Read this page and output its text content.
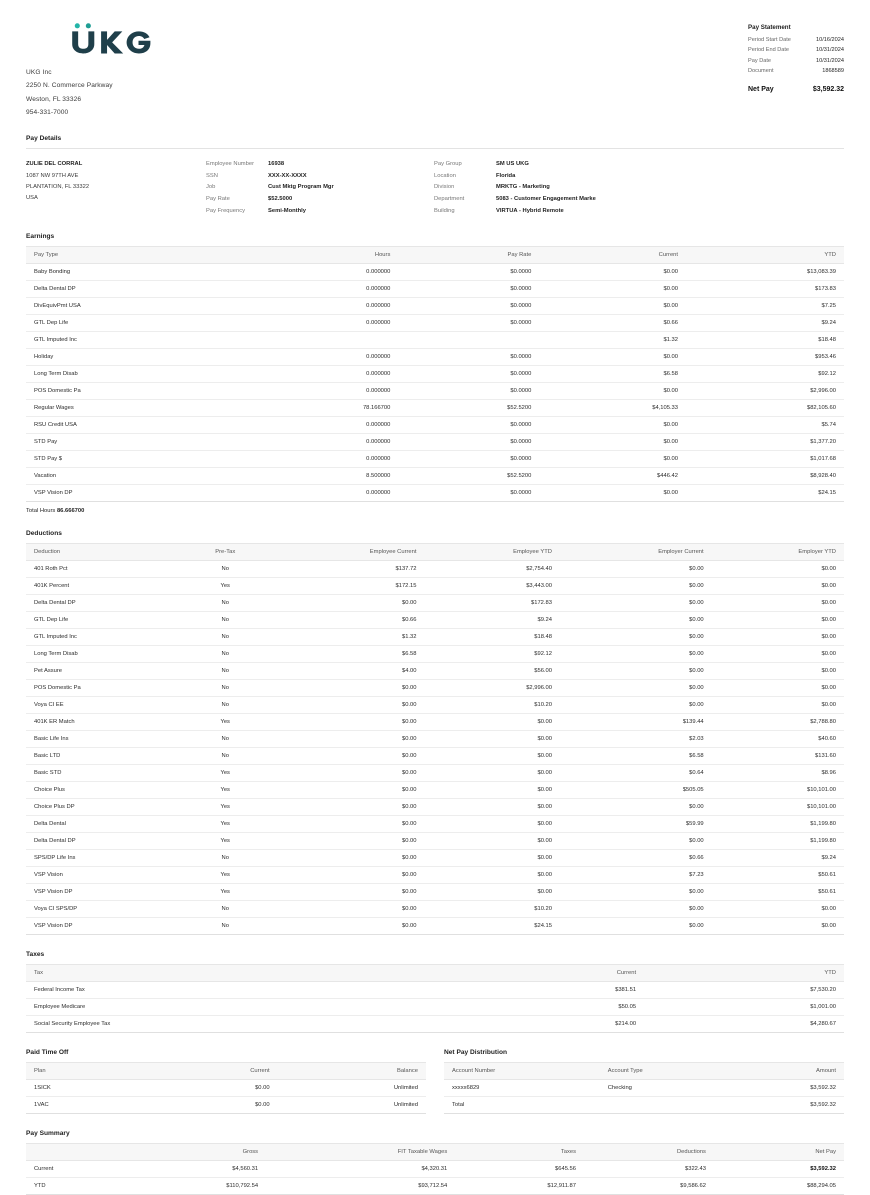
UKG Inc
2250 N. Commerce Parkway
Weston, FL 33326
954-331-7000
Pay Statement
Period Start Date	10/16/2024
Period End Date	10/31/2024
Pay Date	10/31/2024
Document	1868589
Net Pay	$3,592.32
Pay Details
ZULIE DEL CORRAL
1087 NW 97TH AVE
PLANTATION, FL 33322
USA
Employee Number	16938
SSN	XXX-XX-XXXX
Job	Cust Mktg Program Mgr
Pay Rate	$52.5000
Pay Frequency	Semi-Monthly
Pay Group	SM US UKG
Location	Florida
Division	MRKTG - Marketing
Department	5083 - Customer Engagement Marke
Building	VIRTUA - Hybrid Remote
Earnings
Pay Type	Hours	Pay Rate	Current	YTD
Baby Bonding	0.000000	$0.0000	$0.00	$13,083.39
Delta Dental DP	0.000000	$0.0000	$0.00	$173.83
DivEquivPmt USA	0.000000	$0.0000	$0.00	$7.25
GTL Dep Life	0.000000	$0.0000	$0.66	$9.24
GTL Imputed Inc			$1.32	$18.48
Holiday	0.000000	$0.0000	$0.00	$953.46
Long Term Disab	0.000000	$0.0000	$6.58	$92.12
POS Domestic Pa	0.000000	$0.0000	$0.00	$2,996.00
Regular Wages	78.166700	$52.5200	$4,105.33	$82,105.60
RSU Credit USA	0.000000	$0.0000	$0.00	$5.74
STD Pay	0.000000	$0.0000	$0.00	$1,377.20
STD Pay $	0.000000	$0.0000	$0.00	$1,017.68
Vacation	8.500000	$52.5200	$446.42	$8,928.40
VSP Vision DP	0.000000	$0.0000	$0.00	$24.15
Total Hours 86.666700
Deductions
Deduction	Pre-Tax	Employee Current	Employee YTD	Employer Current	Employer YTD
401 Roth Pct	No	$137.72	$2,754.40	$0.00	$0.00
401K Percent	Yes	$172.15	$3,443.00	$0.00	$0.00
Delta Dental DP	No	$0.00	$172.83	$0.00	$0.00
GTL Dep Life	No	$0.66	$9.24	$0.00	$0.00
GTL Imputed Inc	No	$1.32	$18.48	$0.00	$0.00
Long Term Disab	No	$6.58	$92.12	$0.00	$0.00
Pet Assure	No	$4.00	$56.00	$0.00	$0.00
POS Domestic Pa	No	$0.00	$2,996.00	$0.00	$0.00
Voya CI EE	No	$0.00	$10.20	$0.00	$0.00
401K ER Match	Yes	$0.00	$0.00	$139.44	$2,788.80
Basic Life Ins	No	$0.00	$0.00	$2.03	$40.60
Basic LTD	No	$0.00	$0.00	$6.58	$131.60
Basic STD	Yes	$0.00	$0.00	$0.64	$8.96
Choice Plus	Yes	$0.00	$0.00	$505.05	$10,101.00
Choice Plus DP	Yes	$0.00	$0.00	$0.00	$10,101.00
Delta Dental	Yes	$0.00	$0.00	$59.99	$1,199.80
Delta Dental DP	Yes	$0.00	$0.00	$0.00	$1,199.80
SPS/DP Life Ins	No	$0.00	$0.00	$0.66	$9.24
VSP Vision	Yes	$0.00	$0.00	$7.23	$50.61
VSP Vision DP	Yes	$0.00	$0.00	$0.00	$50.61
Voya CI SPS/DP	No	$0.00	$10.20	$0.00	$0.00
VSP Vision DP	No	$0.00	$24.15	$0.00	$0.00
Taxes
Tax	Current	YTD
Federal Income Tax	$381.51	$7,530.20
Employee Medicare	$50.05	$1,001.00
Social Security Employee Tax	$214.00	$4,280.67
Paid Time Off
Plan	Current	Balance
1SICK	$0.00	Unlimited
1VAC	$0.00	Unlimited
Net Pay Distribution
Account Number	Account Type	Amount
xxxxx6829	Checking	$3,592.32
Total		$3,592.32
Pay Summary
	Gross	FIT Taxable Wages	Taxes	Deductions	Net Pay
Current	$4,560.31	$4,320.31	$645.56	$322.43	$3,592.32
YTD	$110,792.54	$93,712.54	$12,911.87	$9,586.62	$88,294.05
